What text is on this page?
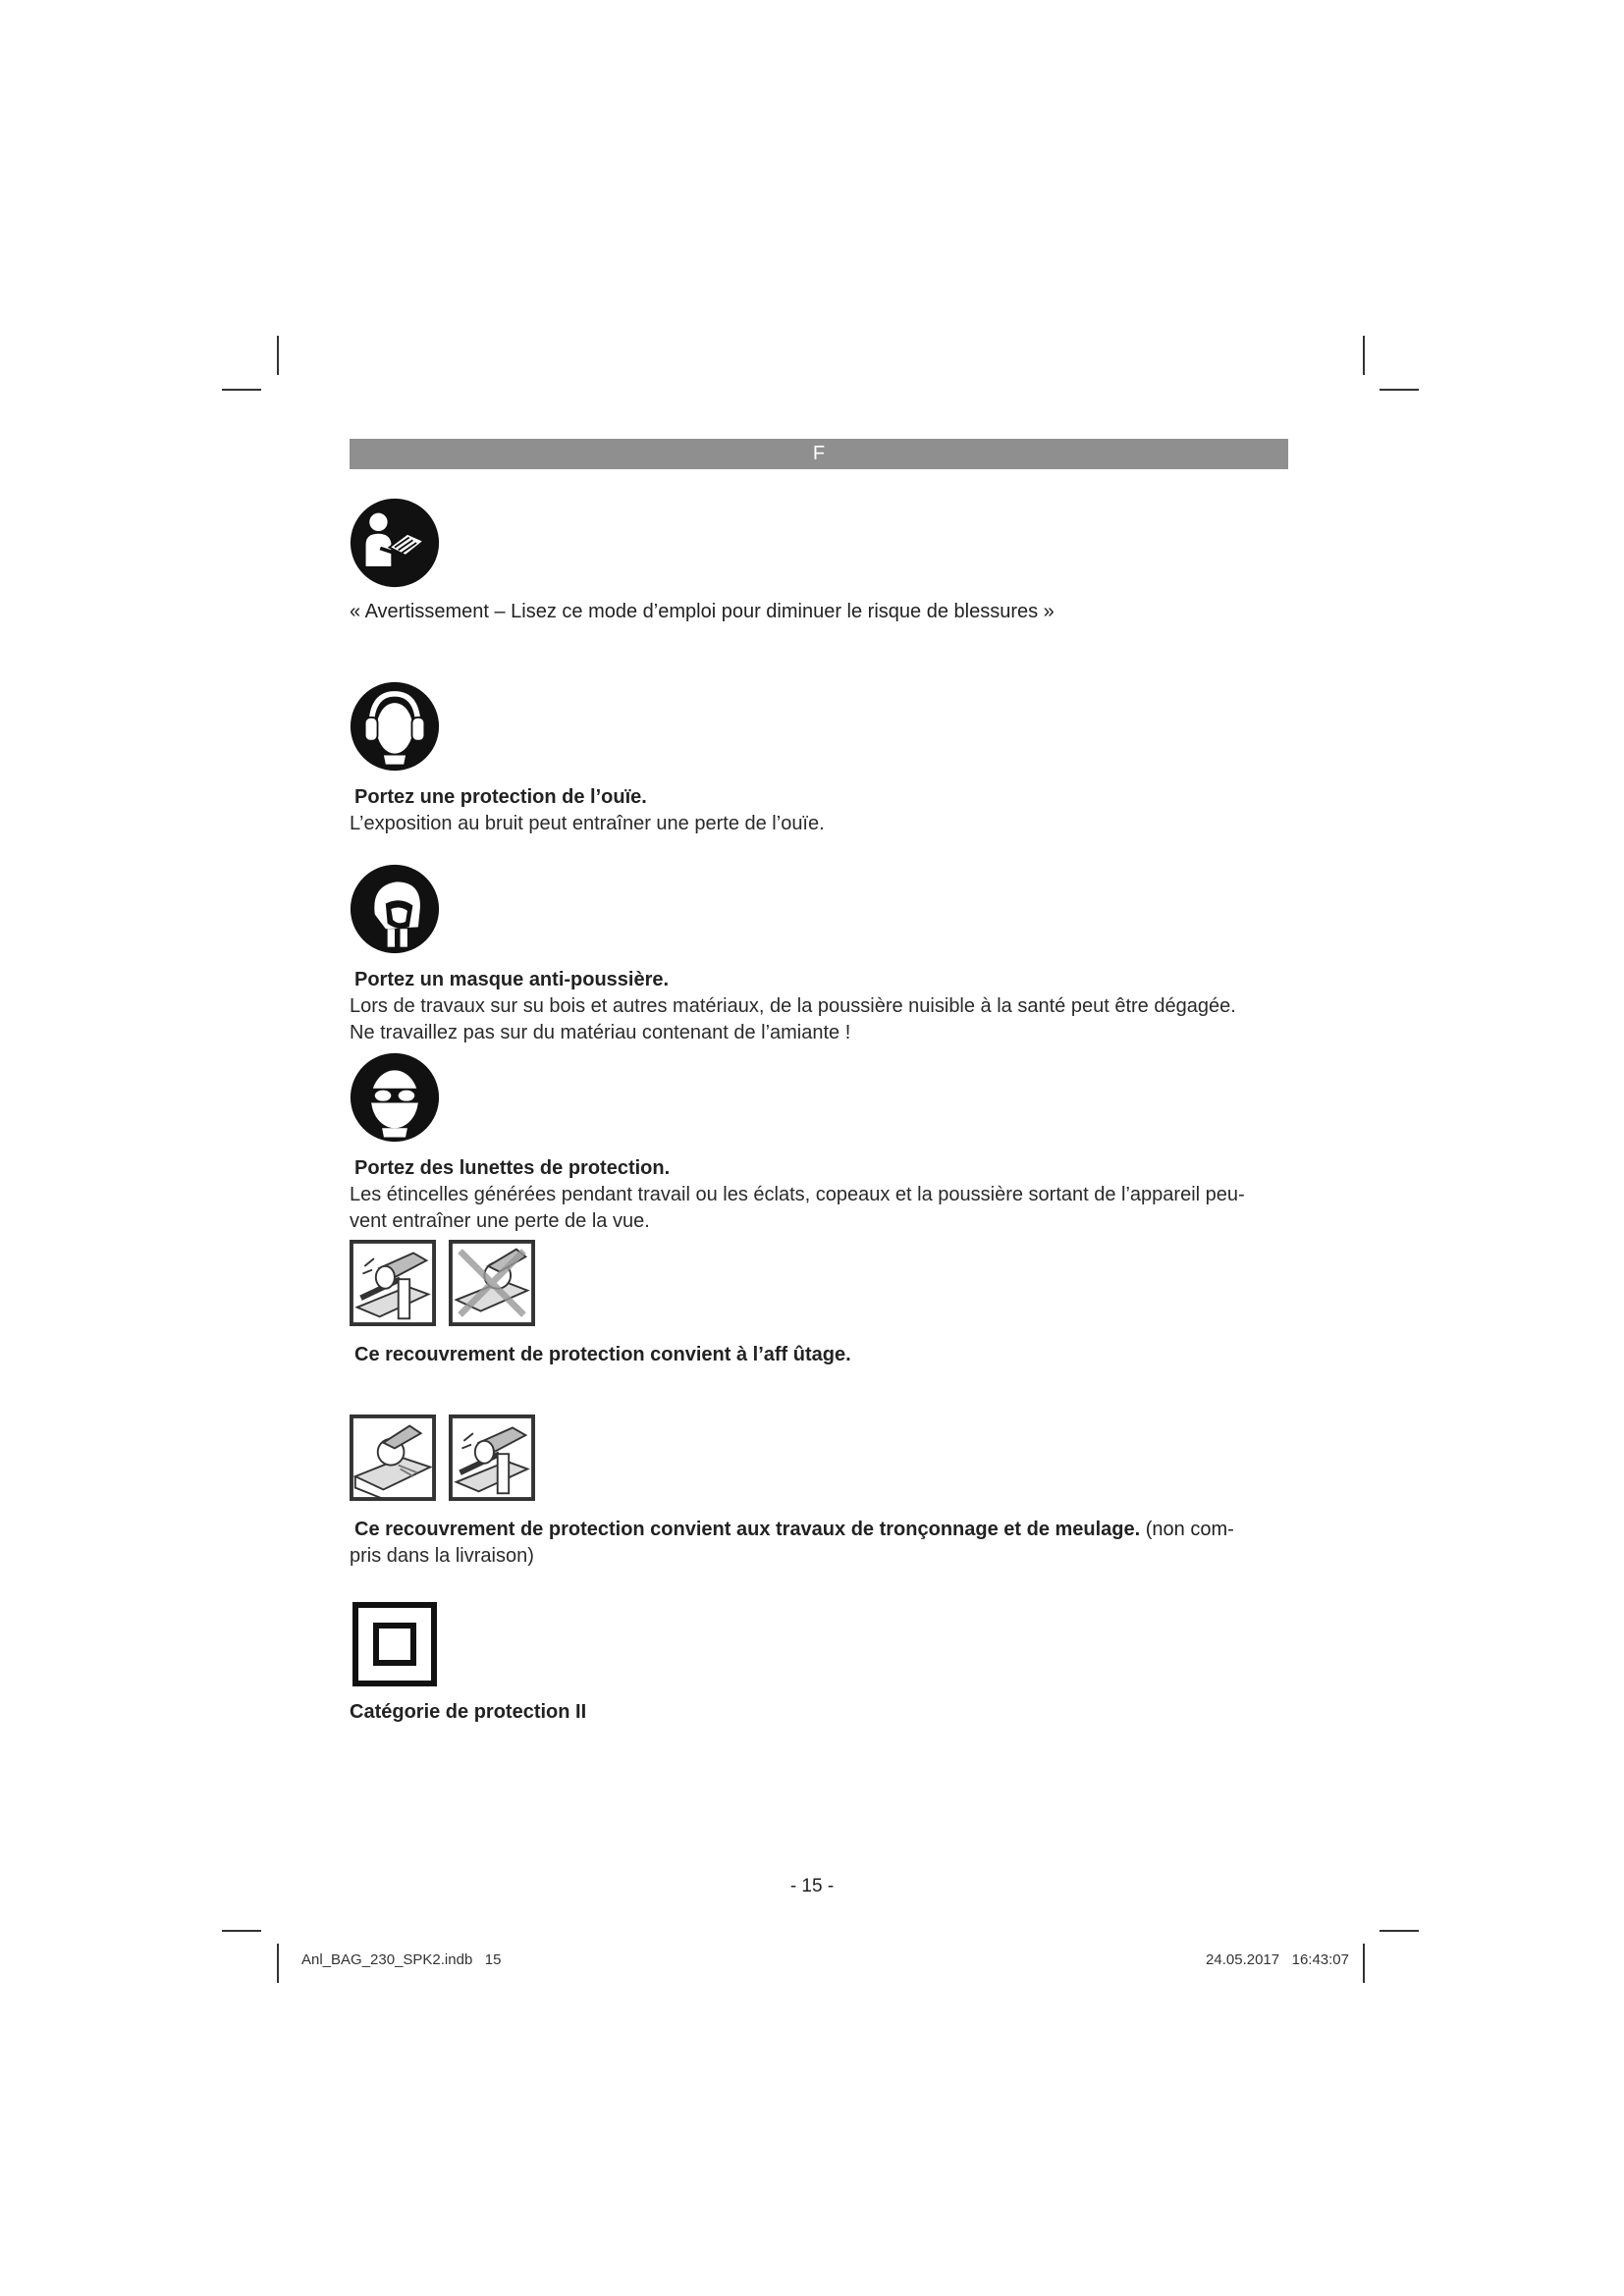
F

« Avertissement – Lisez ce mode d’emploi pour diminuer le risque de blessures »

Portez une protection de l’ouïe.

L’exposition au bruit peut entraîner une perte de l’ouïe.

Portez un masque anti-poussière.

Lors de travaux sur su bois et autres matériaux, de la poussière nuisible à la santé peut être dégagée.

Ne travaillez pas sur du matériau contenant de l’amiante !

Portez des lunettes de protection.

Les étincelles générées pendant travail ou les éclats, copeaux et la poussière sortant de l’appareil peu-

vent entraîner une perte de la vue.

Ce recouvrement de protection convient à l’aff ûtage.

Ce recouvrement de protection convient aux travaux de tronçonnage et de meulage. (non com-

pris dans la livraison)

Catégorie de protection II

- 15 -
Anl_BAG_230_SPK2.indb   15	24.05.2017   16:43:07
